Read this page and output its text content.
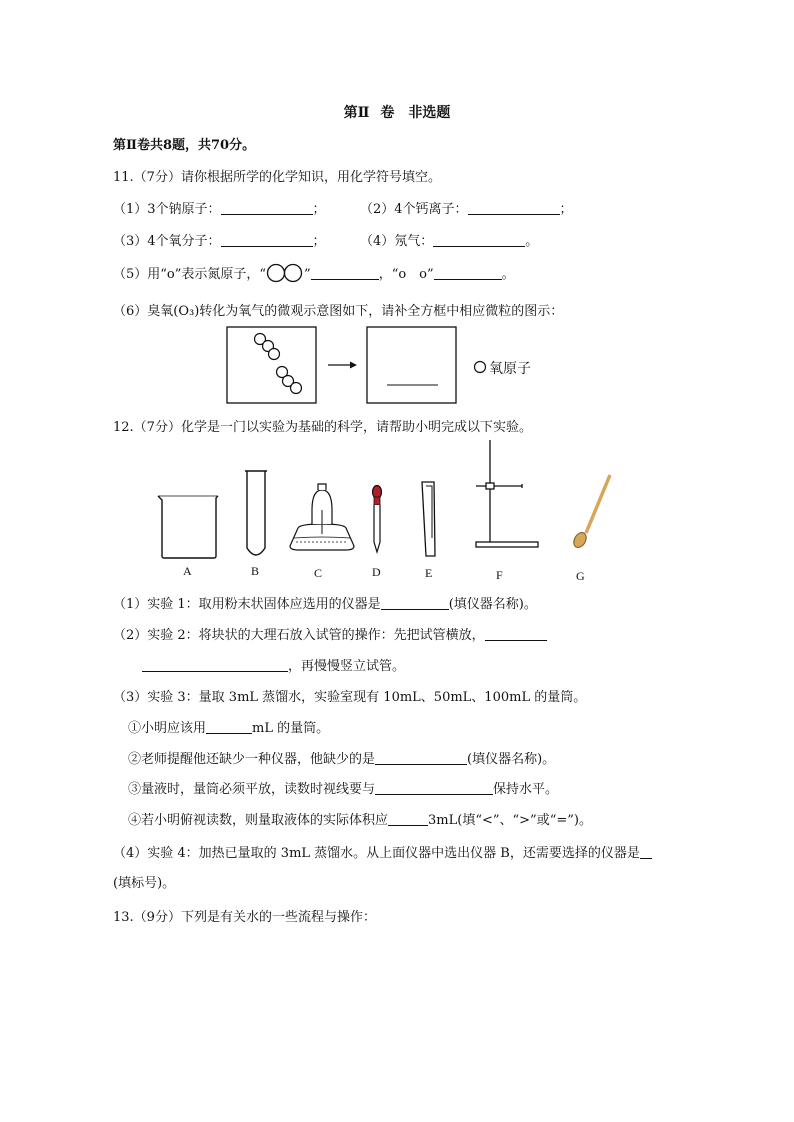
第Ⅱ 卷　非选题
第Ⅱ卷共8题，共70分。
11.（7分）请你根据所学的化学知识，用化学符号填空。
（1）3个钠原子：	；	（2）4个钙离子：	；
（3）4个氧分子：	；	（4）氖气：	。
（5）用“o”表示氮原子，“	”	，“o　o”	。
（6）臭氧(O₃)转化为氧气的微观示意图如下，请补全方框中相应微粒的图示：
氧原子
12.（7分）化学是一门以实验为基础的科学，请帮助小明完成以下实验。
A	B	C	D	E	F	G
（1）实验 1：取用粉末状固体应选用的仪器是	(填仪器名称)。
（2）实验 2：将块状的大理石放入试管的操作：先把试管横放，
，再慢慢竖立试管。
（3）实验 3：量取 3mL 蒸馏水，实验室现有 10mL、50mL、100mL 的量筒。
①小明应该用	mL 的量筒。
②老师提醒他还缺少一种仪器，他缺少的是	(填仪器名称)。
③量液时，量筒必须平放，读数时视线要与	保持水平。
④若小明俯视读数，则量取液体的实际体积应	3mL(填“<”、“>”或“=”)。
（4）实验 4：加热已量取的 3mL 蒸馏水。从上面仪器中选出仪器 B，还需要选择的仪器是
(填标号)。
13.（9分）下列是有关水的一些流程与操作：
